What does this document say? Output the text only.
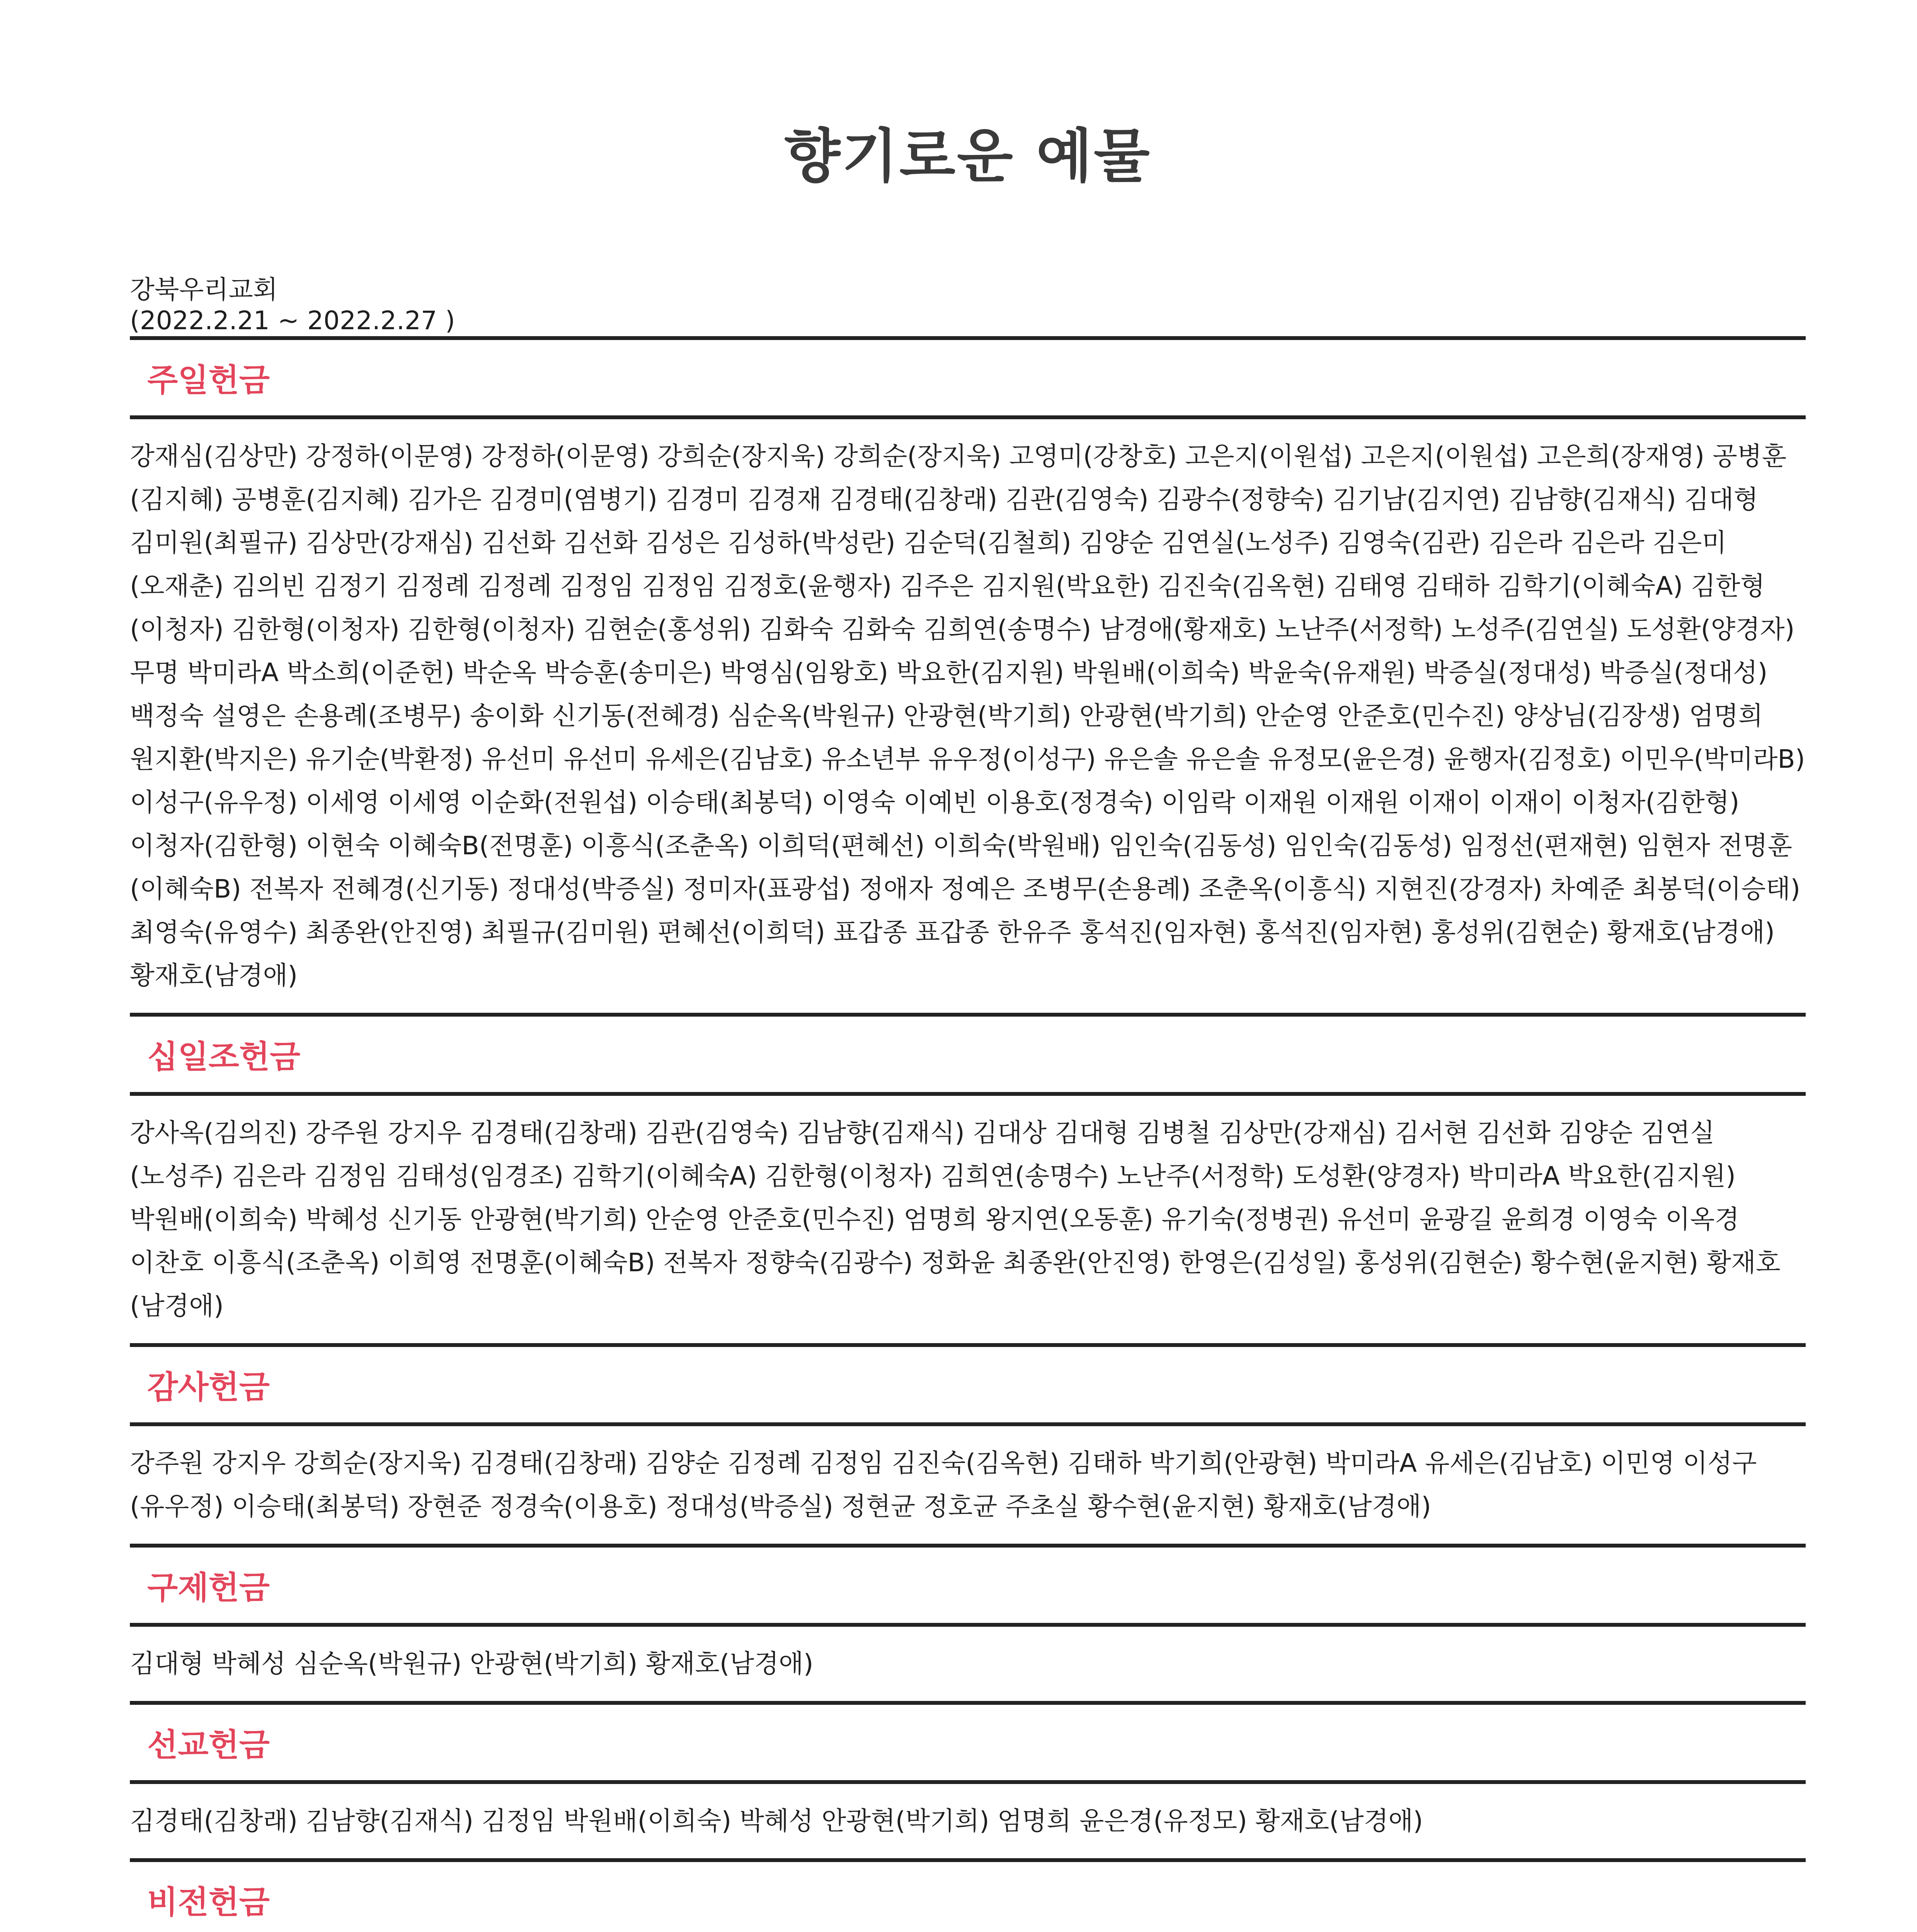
향기로운 예물
강북우리교회
(2022.2.21 ~ 2022.2.27 )
주일헌금
강재심(김상만) 강정하(이문영) 강정하(이문영) 강희순(장지욱) 강희순(장지욱) 고영미(강창호) 고은지(이원섭) 고은지(이원섭) 고은희(장재영) 공병훈(김지혜) 공병훈(김지혜) 김가은 김경미(염병기) 김경미 김경재 김경태(김창래) 김관(김영숙) 김광수(정향숙) 김기남(김지연) 김남향(김재식) 김대형 김미원(최필규) 김상만(강재심) 김선화 김선화 김성은 김성하(박성란) 김순덕(김철희) 김양순 김연실(노성주) 김영숙(김관) 김은라 김은라 김은미(오재춘) 김의빈 김정기 김정례 김정례 김정임 김정임 김정호(윤행자) 김주은 김지원(박요한) 김진숙(김옥현) 김태영 김태하 김학기(이혜숙A) 김한형(이청자) 김한형(이청자) 김한형(이청자) 김현순(홍성위) 김화숙 김화숙 김희연(송명수) 남경애(황재호) 노난주(서정학) 노성주(김연실) 도성환(양경자) 무명 박미라A 박소희(이준헌) 박순옥 박승훈(송미은) 박영심(임왕호) 박요한(김지원) 박원배(이희숙) 박윤숙(유재원) 박증실(정대성) 박증실(정대성) 백정숙 설영은 손용례(조병무) 송이화 신기동(전혜경) 심순옥(박원규) 안광현(박기희) 안광현(박기희) 안순영 안준호(민수진) 양상님(김장생) 엄명희 원지환(박지은) 유기순(박환정) 유선미 유선미 유세은(김남호) 유소년부 유우정(이성구) 유은솔 유은솔 유정모(윤은경) 윤행자(김정호) 이민우(박미라B) 이성구(유우정) 이세영 이세영 이순화(전원섭) 이승태(최봉덕) 이영숙 이예빈 이용호(정경숙) 이임락 이재원 이재원 이재이 이재이 이청자(김한형) 이청자(김한형) 이현숙 이혜숙B(전명훈) 이흥식(조춘옥) 이희덕(편혜선) 이희숙(박원배) 임인숙(김동성) 임인숙(김동성) 임정선(편재현) 임현자 전명훈(이혜숙B) 전복자 전혜경(신기동) 정대성(박증실) 정미자(표광섭) 정애자 정예은 조병무(손용례) 조춘옥(이흥식) 지현진(강경자) 차예준 최봉덕(이승태) 최영숙(유영수) 최종완(안진영) 최필규(김미원) 편혜선(이희덕) 표갑종 표갑종 한유주 홍석진(임자현) 홍석진(임자현) 홍성위(김현순) 황재호(남경애) 황재호(남경애)
십일조헌금
강사옥(김의진) 강주원 강지우 김경태(김창래) 김관(김영숙) 김남향(김재식) 김대상 김대형 김병철 김상만(강재심) 김서현 김선화 김양순 김연실(노성주) 김은라 김정임 김태성(임경조) 김학기(이혜숙A) 김한형(이청자) 김희연(송명수) 노난주(서정학) 도성환(양경자) 박미라A 박요한(김지원) 박원배(이희숙) 박혜성 신기동 안광현(박기희) 안순영 안준호(민수진) 엄명희 왕지연(오동훈) 유기숙(정병권) 유선미 윤광길 윤희경 이영숙 이옥경 이찬호 이흥식(조춘옥) 이희영 전명훈(이혜숙B) 전복자 정향숙(김광수) 정화윤 최종완(안진영) 한영은(김성일) 홍성위(김현순) 황수현(윤지현) 황재호(남경애)
감사헌금
강주원 강지우 강희순(장지욱) 김경태(김창래) 김양순 김정례 김정임 김진숙(김옥현) 김태하 박기희(안광현) 박미라A 유세은(김남호) 이민영 이성구(유우정) 이승태(최봉덕) 장현준 정경숙(이용호) 정대성(박증실) 정현균 정호균 주초실 황수현(윤지현) 황재호(남경애)
구제헌금
김대형 박혜성 심순옥(박원규) 안광현(박기희) 황재호(남경애)
선교헌금
김경태(김창래) 김남향(김재식) 김정임 박원배(이희숙) 박혜성 안광현(박기희) 엄명희 윤은경(유정모) 황재호(남경애)
비전헌금
